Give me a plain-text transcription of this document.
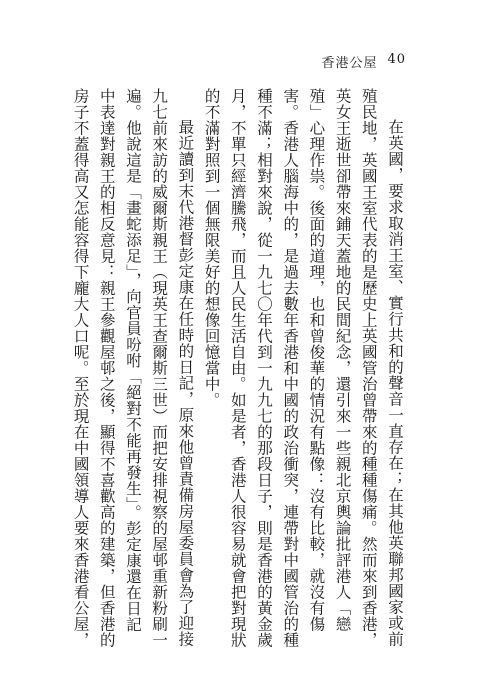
香港公屋 40

在英國，要求取消王室、實行共和的聲音一直存在；在其他英聯邦國家或前殖民地，英國王室代表的是歷史上英國管治曾帶來的種種傷痛。然而來到香港，英女王逝世卻帶來鋪天蓋地的民間紀念，還引來一些親北京輿論批評港人「戀殖」心理作祟。後面的道理，也和曾俊華的情況有點像：沒有比較，就沒有傷害。香港人腦海中的，是過去數年香港和中國的政治衝突，連帶對中國管治的種種不滿；相對來說，從一九七〇年代到一九九七的那段日子，則是香港的黃金歲月，不單只經濟騰飛，而且人民生活自由。如是者，香港人很容易就會把對現狀的不滿對照到一個無限美好的想像回憶當中。

最近讀到末代港督彭定康在任時的日記，原來他曾責備房屋委員會為了迎接九七前來訪的威爾斯親王（現英王查爾斯三世）而把安排視察的屋邨重新粉刷一遍。他說這是「畫蛇添足」，向官員吩咐「絕對不能再發生」。彭定康還在日記中表達對親王的相反意見：親王參觀屋邨之後，顯得不喜歡高的建築，但香港的房子不蓋得高又怎能容得下龐大人口呢。至於現在中國領導人要來香港看公屋，
